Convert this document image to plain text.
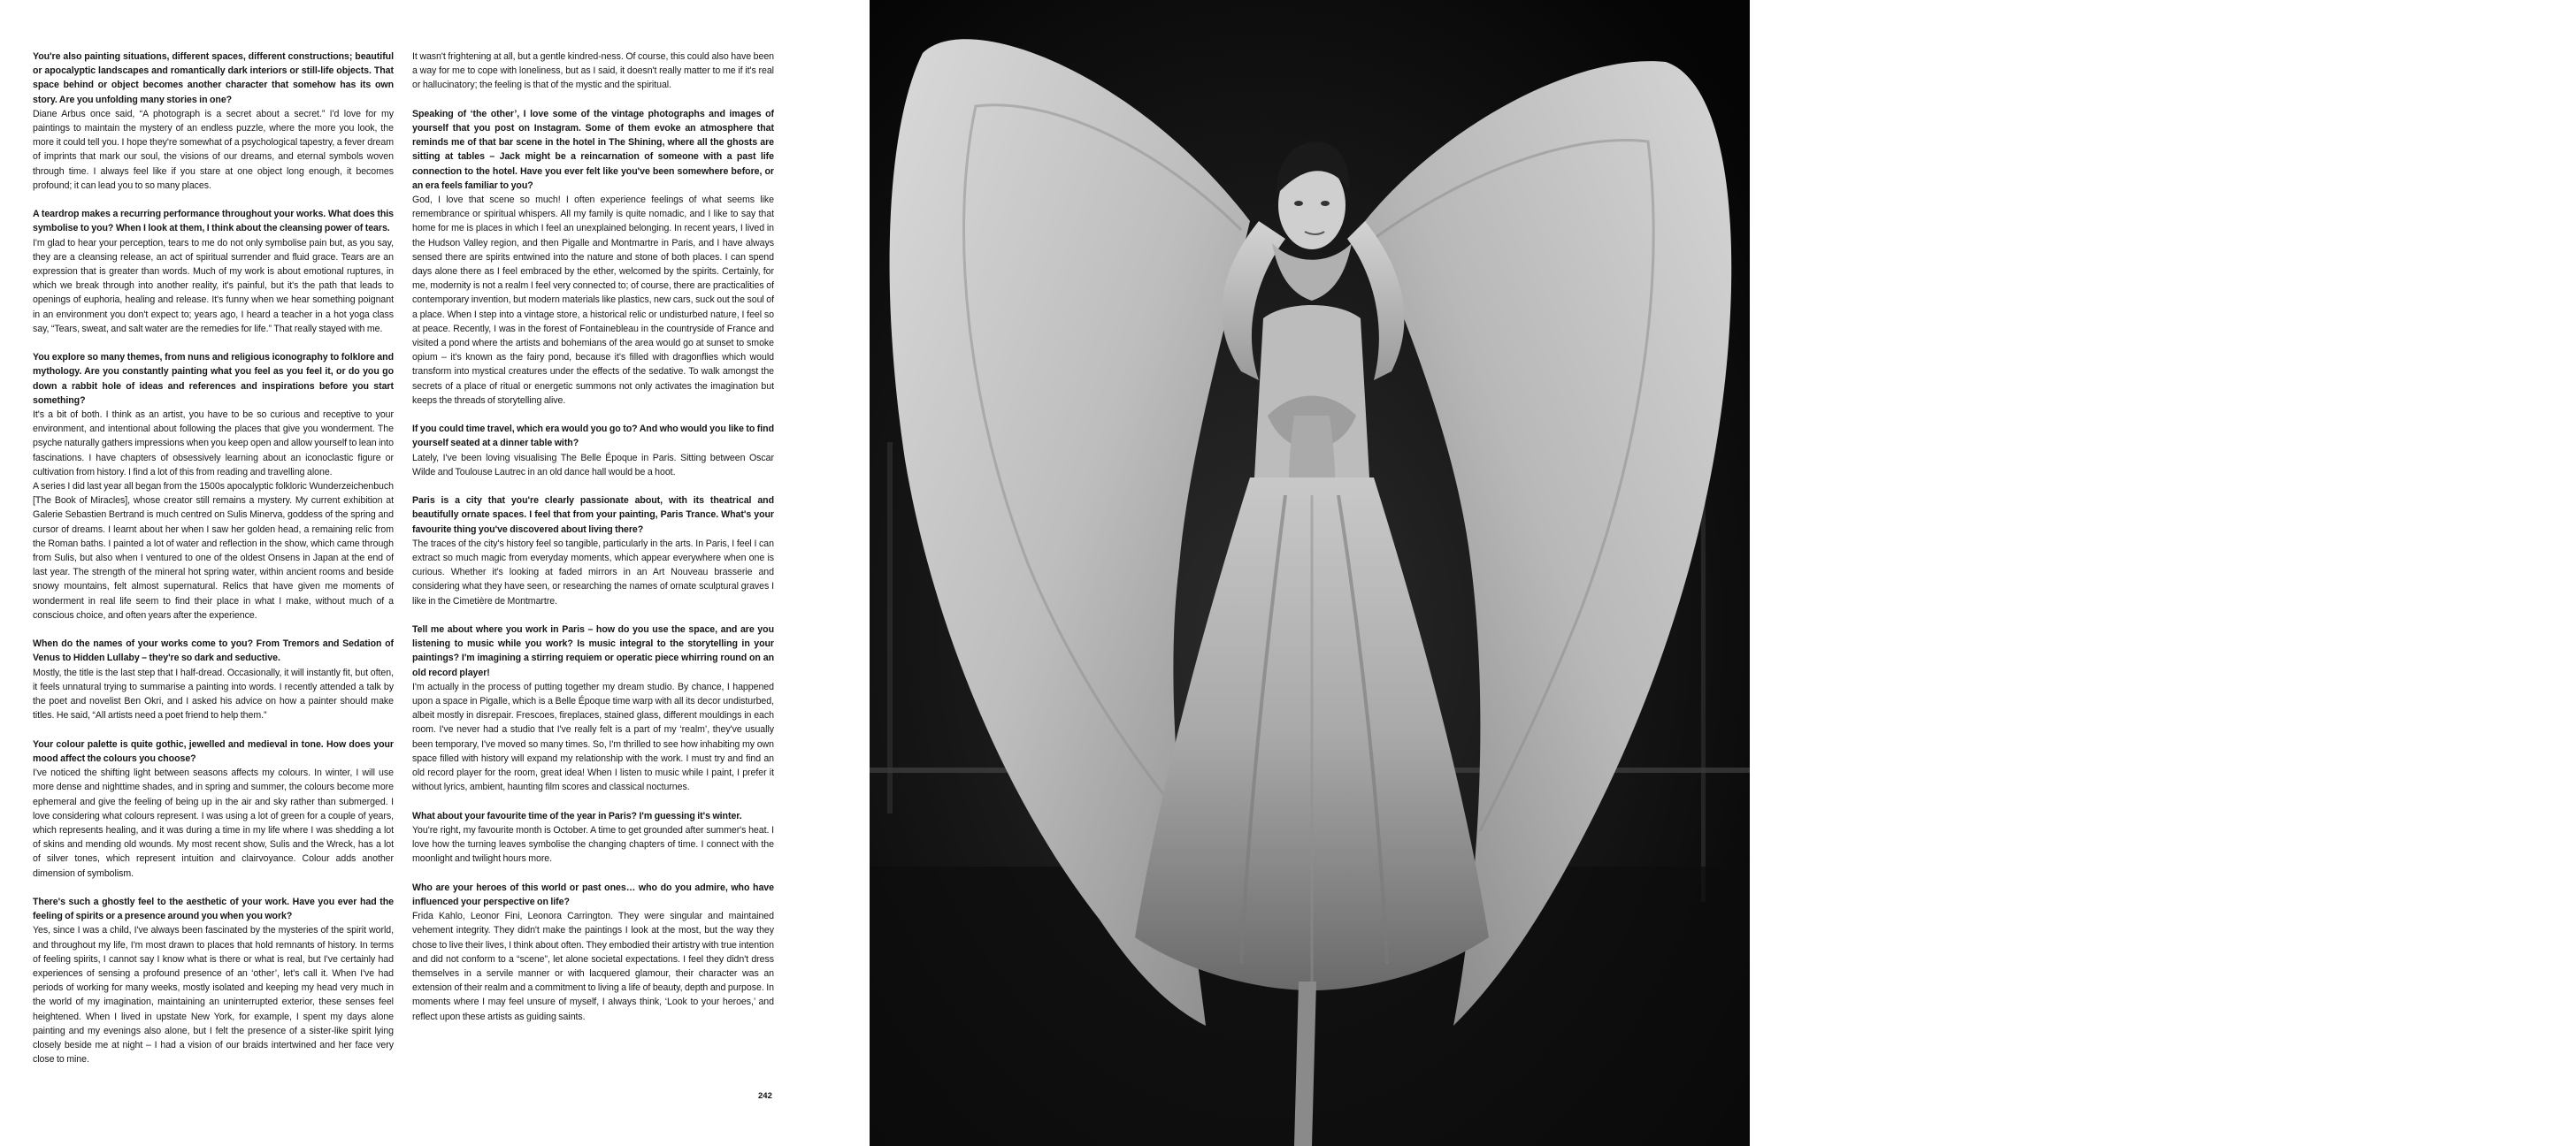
You're also painting situations, different spaces, different constructions; beautiful or apocalyptic landscapes and romantically dark interiors or still-life objects. That space behind or object becomes another character that somehow has its own story. Are you unfolding many stories in one?

Diane Arbus once said, “A photograph is a secret about a secret.” I'd love for my paintings to maintain the mystery of an endless puzzle, where the more you look, the more it could tell you. I hope they're somewhat of a psychological tapestry, a fever dream of imprints that mark our soul, the visions of our dreams, and eternal symbols woven through time. I always feel like if you stare at one object long enough, it becomes profound; it can lead you to so many places.

A teardrop makes a recurring performance throughout your works. What does this symbolise to you? When I look at them, I think about the cleansing power of tears.

I'm glad to hear your perception, tears to me do not only symbolise pain but, as you say, they are a cleansing release, an act of spiritual surrender and fluid grace. Tears are an expression that is greater than words. Much of my work is about emotional ruptures, in which we break through into another reality, it's painful, but it's the path that leads to openings of euphoria, healing and release. It's funny when we hear something poignant in an environment you don't expect to; years ago, I heard a teacher in a hot yoga class say, “Tears, sweat, and salt water are the remedies for life.” That really stayed with me.

You explore so many themes, from nuns and religious iconography to folklore and mythology. Are you constantly painting what you feel as you feel it, or do you go down a rabbit hole of ideas and references and inspirations before you start something?

It's a bit of both. I think as an artist, you have to be so curious and receptive to your environment, and intentional about following the places that give you wonderment. The psyche naturally gathers impressions when you keep open and allow yourself to lean into fascinations. I have chapters of obsessively learning about an iconoclastic figure or cultivation from history. I find a lot of this from reading and travelling alone.

A series I did last year all began from the 1500s apocalyptic folkloric Wunderzeichenbuch [The Book of Miracles], whose creator still remains a mystery. My current exhibition at Galerie Sebastien Bertrand is much centred on Sulis Minerva, goddess of the spring and cursor of dreams. I learnt about her when I saw her golden head, a remaining relic from the Roman baths. I painted a lot of water and reflection in the show, which came through from Sulis, but also when I ventured to one of the oldest Onsens in Japan at the end of last year. The strength of the mineral hot spring water, within ancient rooms and beside snowy mountains, felt almost supernatural. Relics that have given me moments of wonderment in real life seem to find their place in what I make, without much of a conscious choice, and often years after the experience.

When do the names of your works come to you? From Tremors and Sedation of Venus to Hidden Lullaby – they're so dark and seductive.

Mostly, the title is the last step that I half-dread. Occasionally, it will instantly fit, but often, it feels unnatural trying to summarise a painting into words. I recently attended a talk by the poet and novelist Ben Okri, and I asked his advice on how a painter should make titles. He said, “All artists need a poet friend to help them.”

Your colour palette is quite gothic, jewelled and medieval in tone. How does your mood affect the colours you choose?

I've noticed the shifting light between seasons affects my colours. In winter, I will use more dense and nighttime shades, and in spring and summer, the colours become more ephemeral and give the feeling of being up in the air and sky rather than submerged. I love considering what colours represent. I was using a lot of green for a couple of years, which represents healing, and it was during a time in my life where I was shedding a lot of skins and mending old wounds. My most recent show, Sulis and the Wreck, has a lot of silver tones, which represent intuition and clairvoyance. Colour adds another dimension of symbolism.

There's such a ghostly feel to the aesthetic of your work. Have you ever had the feeling of spirits or a presence around you when you work?

Yes, since I was a child, I've always been fascinated by the mysteries of the spirit world, and throughout my life, I'm most drawn to places that hold remnants of history. In terms of feeling spirits, I cannot say I know what is there or what is real, but I've certainly had experiences of sensing a profound presence of an ‘other’, let's call it. When I've had periods of working for many weeks, mostly isolated and keeping my head very much in the world of my imagination, maintaining an uninterrupted exterior, these senses feel heightened. When I lived in upstate New York, for example, I spent my days alone painting and my evenings also alone, but I felt the presence of a sister-like spirit lying closely beside me at night – I had a vision of our braids intertwined and her face very close to mine.

It wasn't frightening at all, but a gentle kindred-ness. Of course, this could also have been a way for me to cope with loneliness, but as I said, it doesn't really matter to me if it's real or hallucinatory; the feeling is that of the mystic and the spiritual.

Speaking of ‘the other’, I love some of the vintage photographs and images of yourself that you post on Instagram. Some of them evoke an atmosphere that reminds me of that bar scene in the hotel in The Shining, where all the ghosts are sitting at tables – Jack might be a reincarnation of someone with a past life connection to the hotel. Have you ever felt like you've been somewhere before, or an era feels familiar to you?

God, I love that scene so much! I often experience feelings of what seems like remembrance or spiritual whispers. All my family is quite nomadic, and I like to say that home for me is places in which I feel an unexplained belonging. In recent years, I lived in the Hudson Valley region, and then Pigalle and Montmartre in Paris, and I have always sensed there are spirits entwined into the nature and stone of both places. I can spend days alone there as I feel embraced by the ether, welcomed by the spirits. Certainly, for me, modernity is not a realm I feel very connected to; of course, there are practicalities of contemporary invention, but modern materials like plastics, new cars, suck out the soul of a place. When I step into a vintage store, a historical relic or undisturbed nature, I feel so at peace. Recently, I was in the forest of Fontainebleau in the countryside of France and visited a pond where the artists and bohemians of the area would go at sunset to smoke opium – it's known as the fairy pond, because it's filled with dragonflies which would transform into mystical creatures under the effects of the sedative. To walk amongst the secrets of a place of ritual or energetic summons not only activates the imagination but keeps the threads of storytelling alive.

If you could time travel, which era would you go to? And who would you like to find yourself seated at a dinner table with?

Lately, I've been loving visualising The Belle Époque in Paris. Sitting between Oscar Wilde and Toulouse Lautrec in an old dance hall would be a hoot.

Paris is a city that you're clearly passionate about, with its theatrical and beautifully ornate spaces. I feel that from your painting, Paris Trance. What's your favourite thing you've discovered about living there?

The traces of the city's history feel so tangible, particularly in the arts. In Paris, I feel I can extract so much magic from everyday moments, which appear everywhere when one is curious. Whether it's looking at faded mirrors in an Art Nouveau brasserie and considering what they have seen, or researching the names of ornate sculptural graves I like in the Cimetière de Montmartre.

Tell me about where you work in Paris – how do you use the space, and are you listening to music while you work? Is music integral to the storytelling in your paintings? I'm imagining a stirring requiem or operatic piece whirring round on an old record player!

I'm actually in the process of putting together my dream studio. By chance, I happened upon a space in Pigalle, which is a Belle Époque time warp with all its decor undisturbed, albeit mostly in disrepair. Frescoes, fireplaces, stained glass, different mouldings in each room. I've never had a studio that I've really felt is a part of my ‘realm’, they've usually been temporary, I've moved so many times. So, I'm thrilled to see how inhabiting my own space filled with history will expand my relationship with the work. I must try and find an old record player for the room, great idea! When I listen to music while I paint, I prefer it without lyrics, ambient, haunting film scores and classical nocturnes.

What about your favourite time of the year in Paris? I'm guessing it's winter.

You're right, my favourite month is October. A time to get grounded after summer's heat. I love how the turning leaves symbolise the changing chapters of time. I connect with the moonlight and twilight hours more.

Who are your heroes of this world or past ones… who do you admire, who have influenced your perspective on life?

Frida Kahlo, Leonor Fini, Leonora Carrington. They were singular and maintained vehement integrity. They didn't make the paintings I look at the most, but the way they chose to live their lives, I think about often. They embodied their artistry with true intention and did not conform to a “scene”, let alone societal expectations. I feel they didn't dress themselves in a servile manner or with lacquered glamour, their character was an extension of their realm and a commitment to living a life of beauty, depth and purpose. In moments where I may feel unsure of myself, I always think, ‘Look to your heroes,’ and reflect upon these artists as guiding saints.

242	Dress ANDREA MARY MARSHALL
243
